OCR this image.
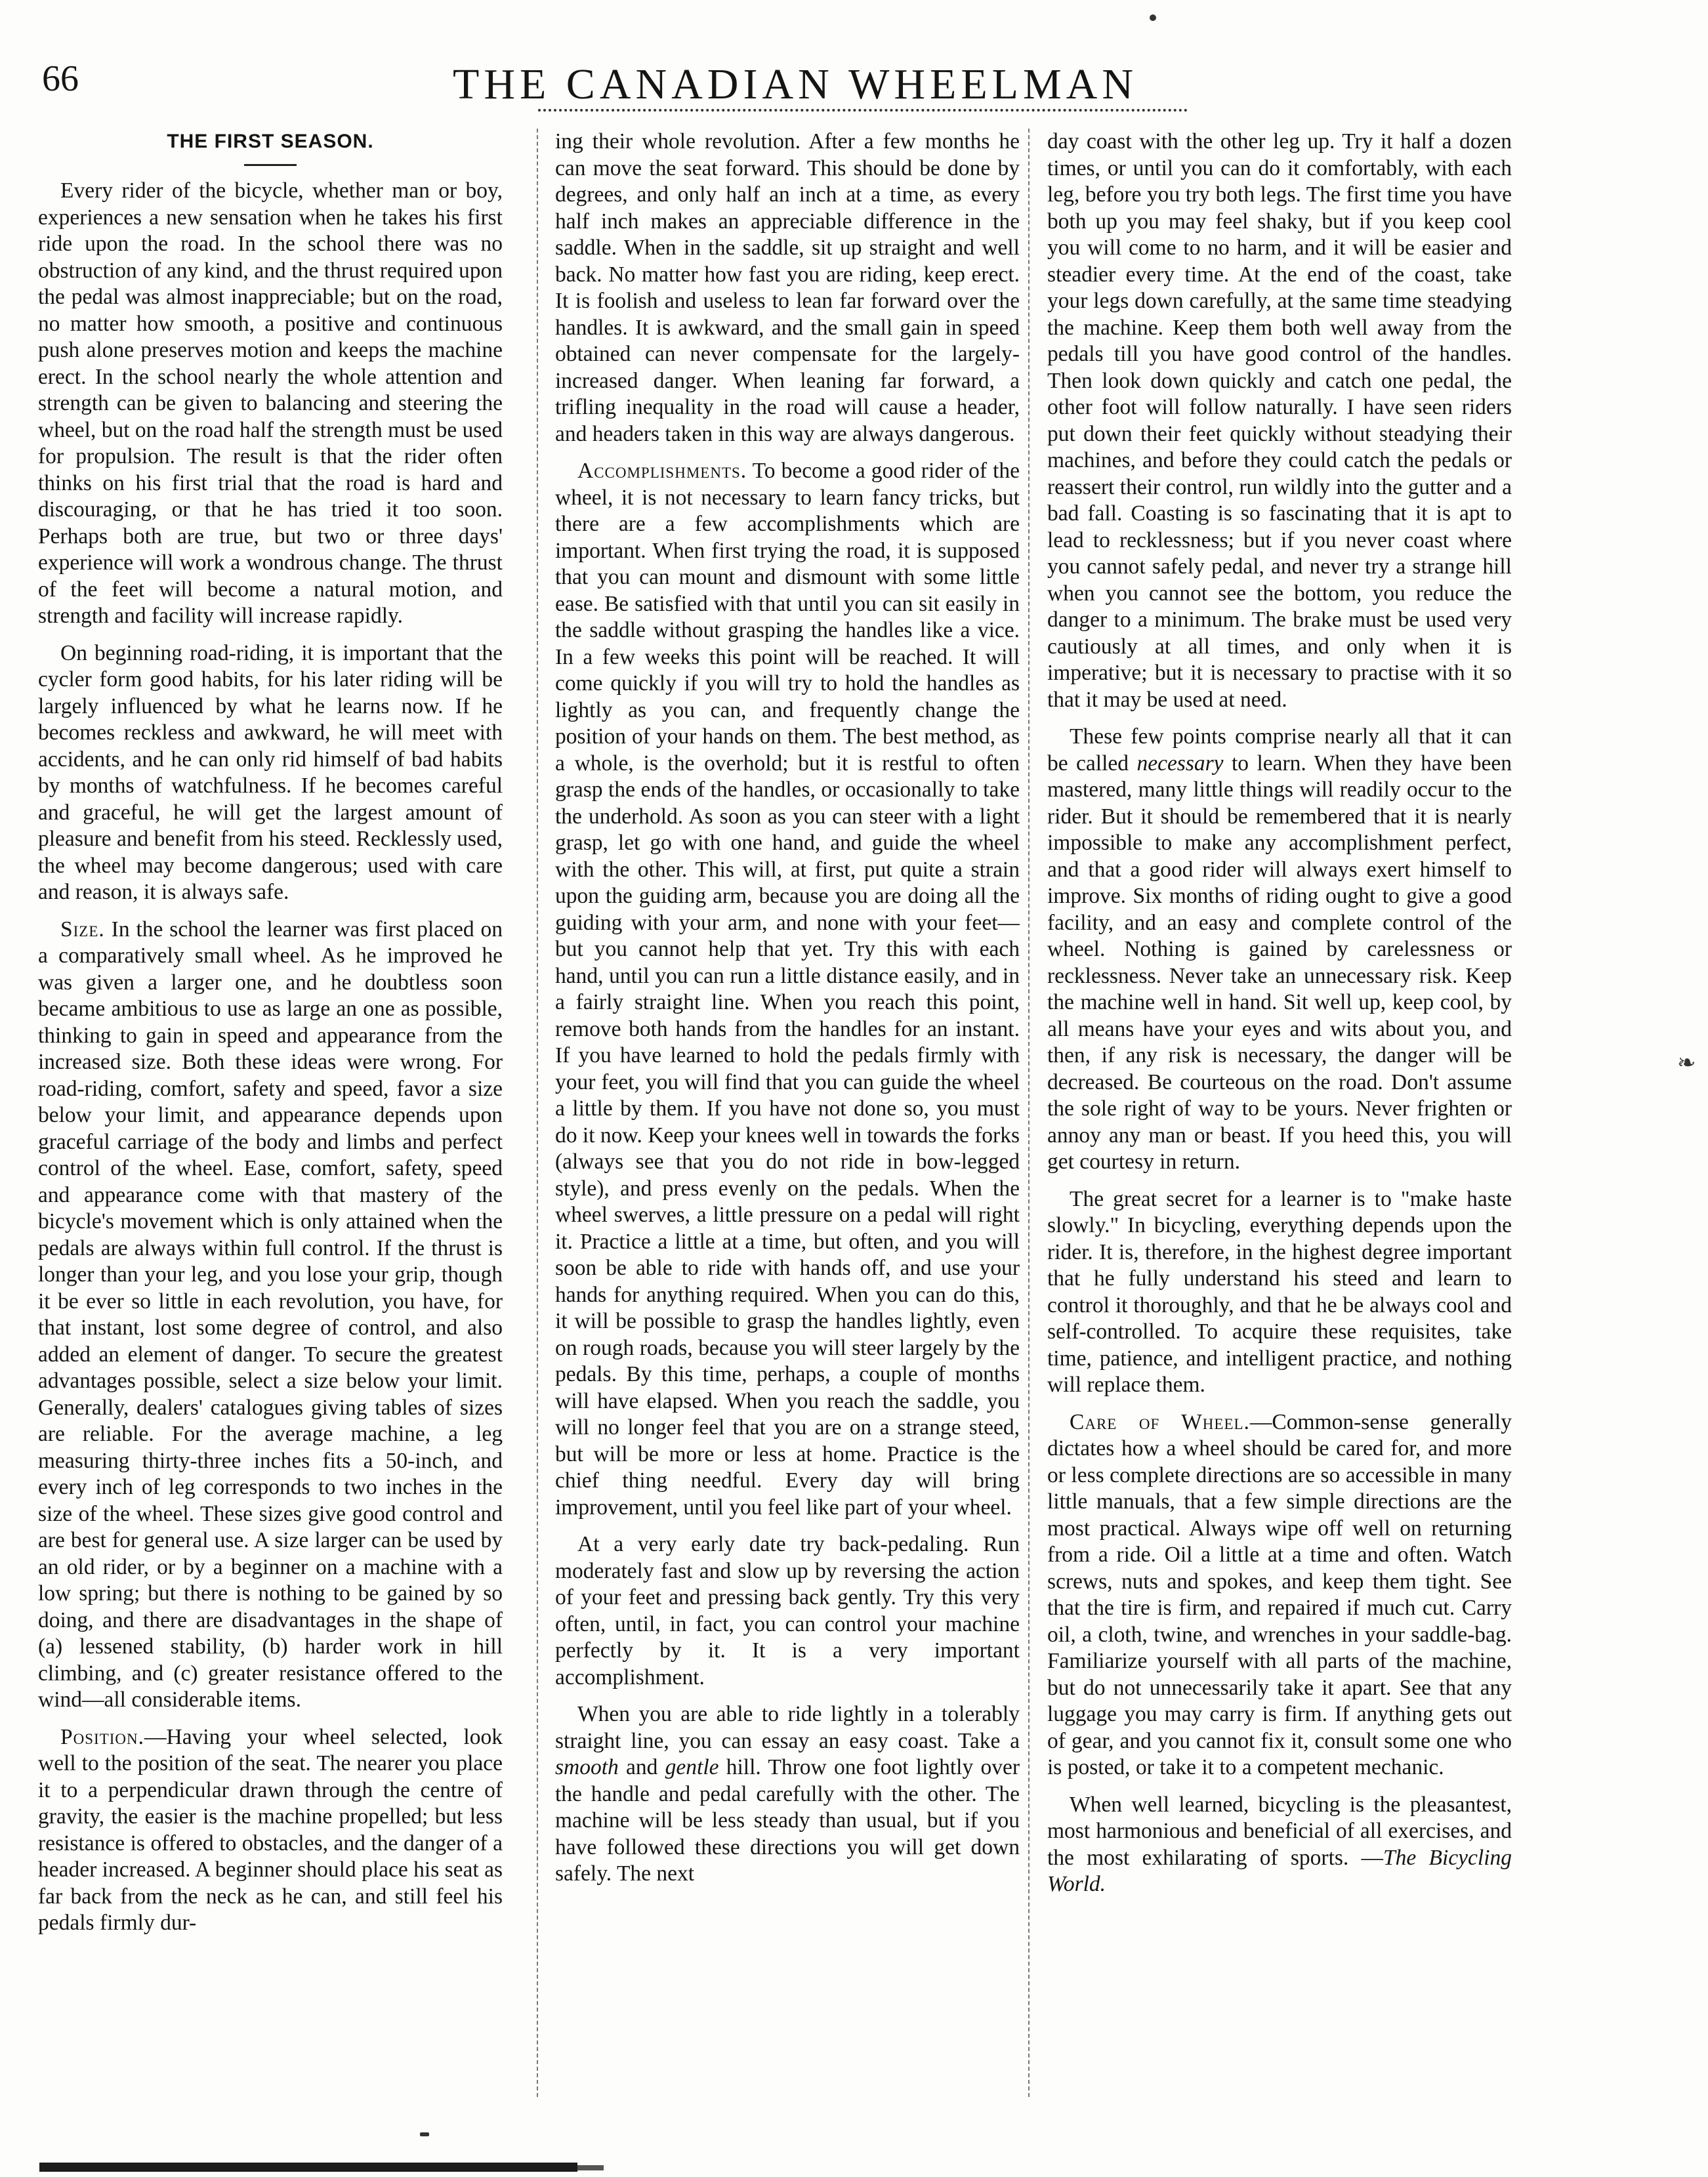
66	THE CANADIAN WHEELMAN
THE FIRST SEASON.

Every rider of the bicycle, whether man or boy, experiences a new sensation when he takes his first ride upon the road. In the school there was no obstruction of any kind, and the thrust required upon the pedal was almost inappreciable; but on the road, no matter how smooth, a positive and continuous push alone preserves motion and keeps the machine erect. In the school nearly the whole attention and strength can be given to balancing and steering the wheel, but on the road half the strength must be used for propulsion. The result is that the rider often thinks on his first trial that the road is hard and discouraging, or that he has tried it too soon. Perhaps both are true, but two or three days' experience will work a wondrous change. The thrust of the feet will become a natural motion, and strength and facility will increase rapidly.

On beginning road-riding, it is important that the cycler form good habits, for his later riding will be largely influenced by what he learns now. If he becomes reckless and awkward, he will meet with accidents, and he can only rid himself of bad habits by months of watchfulness. If he becomes careful and graceful, he will get the largest amount of pleasure and benefit from his steed. Recklessly used, the wheel may become dangerous; used with care and reason, it is always safe.

Size. In the school the learner was first placed on a comparatively small wheel. As he improved he was given a larger one, and he doubtless soon became ambitious to use as large an one as possible, thinking to gain in speed and appearance from the increased size. Both these ideas were wrong. For road-riding, comfort, safety and speed, favor a size below your limit, and appearance depends upon graceful carriage of the body and limbs and perfect control of the wheel. Ease, comfort, safety, speed and appearance come with that mastery of the bicycle's movement which is only attained when the pedals are always within full control. If the thrust is longer than your leg, and you lose your grip, though it be ever so little in each revolution, you have, for that instant, lost some degree of control, and also added an element of danger. To secure the greatest advantages possible, select a size below your limit. Generally, dealers' catalogues giving tables of sizes are reliable. For the average machine, a leg measuring thirty-three inches fits a 50-inch, and every inch of leg corresponds to two inches in the size of the wheel. These sizes give good control and are best for general use. A size larger can be used by an old rider, or by a beginner on a machine with a low spring; but there is nothing to be gained by so doing, and there are disadvantages in the shape of (a) lessened stability, (b) harder work in hill climbing, and (c) greater resistance offered to the wind—all considerable items.

Position.—Having your wheel selected, look well to the position of the seat. The nearer you place it to a perpendicular drawn through the centre of gravity, the easier is the machine propelled; but less resistance is offered to obstacles, and the danger of a header increased. A beginner should place his seat as far back from the neck as he can, and still feel his pedals firmly dur-

ing their whole revolution. After a few months he can move the seat forward. This should be done by degrees, and only half an inch at a time, as every half inch makes an appreciable difference in the saddle. When in the saddle, sit up straight and well back. No matter how fast you are riding, keep erect. It is foolish and useless to lean far forward over the handles. It is awkward, and the small gain in speed obtained can never compensate for the largely-increased danger. When leaning far forward, a trifling inequality in the road will cause a header, and headers taken in this way are always dangerous.

Accomplishments. To become a good rider of the wheel, it is not necessary to learn fancy tricks, but there are a few accomplishments which are important. When first trying the road, it is supposed that you can mount and dismount with some little ease. Be satisfied with that until you can sit easily in the saddle without grasping the handles like a vice. In a few weeks this point will be reached. It will come quickly if you will try to hold the handles as lightly as you can, and frequently change the position of your hands on them. The best method, as a whole, is the overhold; but it is restful to often grasp the ends of the handles, or occasionally to take the underhold. As soon as you can steer with a light grasp, let go with one hand, and guide the wheel with the other. This will, at first, put quite a strain upon the guiding arm, because you are doing all the guiding with your arm, and none with your feet—but you cannot help that yet. Try this with each hand, until you can run a little distance easily, and in a fairly straight line. When you reach this point, remove both hands from the handles for an instant. If you have learned to hold the pedals firmly with your feet, you will find that you can guide the wheel a little by them. If you have not done so, you must do it now. Keep your knees well in towards the forks (always see that you do not ride in bow-legged style), and press evenly on the pedals. When the wheel swerves, a little pressure on a pedal will right it. Practice a little at a time, but often, and you will soon be able to ride with hands off, and use your hands for anything required. When you can do this, it will be possible to grasp the handles lightly, even on rough roads, because you will steer largely by the pedals. By this time, perhaps, a couple of months will have elapsed. When you reach the saddle, you will no longer feel that you are on a strange steed, but will be more or less at home. Practice is the chief thing needful. Every day will bring improvement, until you feel like part of your wheel.

At a very early date try back-pedaling. Run moderately fast and slow up by reversing the action of your feet and pressing back gently. Try this very often, until, in fact, you can control your machine perfectly by it. It is a very important accomplishment.

When you are able to ride lightly in a tolerably straight line, you can essay an easy coast. Take a smooth and gentle hill. Throw one foot lightly over the handle and pedal carefully with the other. The machine will be less steady than usual, but if you have followed these directions you will get down safely. The next

day coast with the other leg up. Try it half a dozen times, or until you can do it comfortably, with each leg, before you try both legs. The first time you have both up you may feel shaky, but if you keep cool you will come to no harm, and it will be easier and steadier every time. At the end of the coast, take your legs down carefully, at the same time steadying the machine. Keep them both well away from the pedals till you have good control of the handles. Then look down quickly and catch one pedal, the other foot will follow naturally. I have seen riders put down their feet quickly without steadying their machines, and before they could catch the pedals or reassert their control, run wildly into the gutter and a bad fall. Coasting is so fascinating that it is apt to lead to recklessness; but if you never coast where you cannot safely pedal, and never try a strange hill when you cannot see the bottom, you reduce the danger to a minimum. The brake must be used very cautiously at all times, and only when it is imperative; but it is necessary to practise with it so that it may be used at need.

These few points comprise nearly all that it can be called necessary to learn. When they have been mastered, many little things will readily occur to the rider. But it should be remembered that it is nearly impossible to make any accomplishment perfect, and that a good rider will always exert himself to improve. Six months of riding ought to give a good facility, and an easy and complete control of the wheel. Nothing is gained by carelessness or recklessness. Never take an unnecessary risk. Keep the machine well in hand. Sit well up, keep cool, by all means have your eyes and wits about you, and then, if any risk is necessary, the danger will be decreased. Be courteous on the road. Don't assume the sole right of way to be yours. Never frighten or annoy any man or beast. If you heed this, you will get courtesy in return.

The great secret for a learner is to "make haste slowly." In bicycling, everything depends upon the rider. It is, therefore, in the highest degree important that he fully understand his steed and learn to control it thoroughly, and that he be always cool and self-controlled. To acquire these requisites, take time, patience, and intelligent practice, and nothing will replace them.

Care of Wheel.—Common-sense generally dictates how a wheel should be cared for, and more or less complete directions are so accessible in many little manuals, that a few simple directions are the most practical. Always wipe off well on returning from a ride. Oil a little at a time and often. Watch screws, nuts and spokes, and keep them tight. See that the tire is firm, and repaired if much cut. Carry oil, a cloth, twine, and wrenches in your saddle-bag. Familiarize yourself with all parts of the machine, but do not unnecessarily take it apart. See that any luggage you may carry is firm. If anything gets out of gear, and you cannot fix it, consult some one who is posted, or take it to a competent mechanic.

When well learned, bicycling is the pleasantest, most harmonious and beneficial of all exercises, and the most exhilarating of sports. —The Bicycling World.

❧
